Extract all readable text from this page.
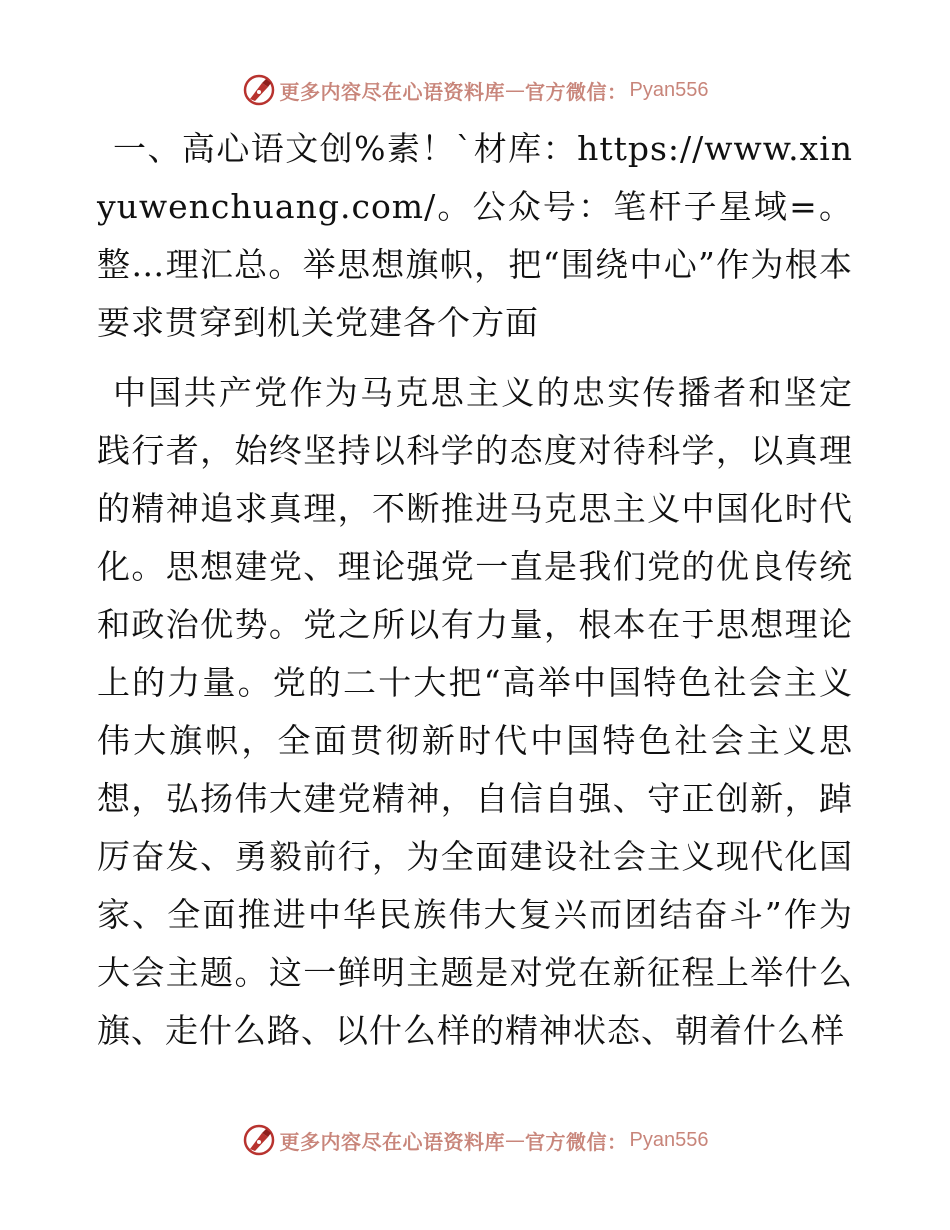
更多内容尽在心语资料库 — 官方微信： Pyan556

一、高心语文创%素！`材库：https://www.xinyuwenchuang.com/。公众号：笔杆子星域=。整…理汇总。举思想旗帜，把“围绕中心”作为根本要求贯穿到机关党建各个方面

中国共产党作为马克思主义的忠实传播者和坚定践行者，始终坚持以科学的态度对待科学，以真理的精神追求真理，不断推进马克思主义中国化时代化。思想建党、理论强党一直是我们党的优良传统和政治优势。党之所以有力量，根本在于思想理论上的力量。党的二十大把“高举中国特色社会主义伟大旗帜，全面贯彻新时代中国特色社会主义思想，弘扬伟大建党精神，自信自强、守正创新，踔厉奋发、勇毅前行，为全面建设社会主义现代化国家、全面推进中华民族伟大复兴而团结奋斗”作为大会主题。这一鲜明主题是对党在新征程上举什么旗、走什么路、以什么样的精神状态、朝着什么样

更多内容尽在心语资料库 — 官方微信： Pyan556
